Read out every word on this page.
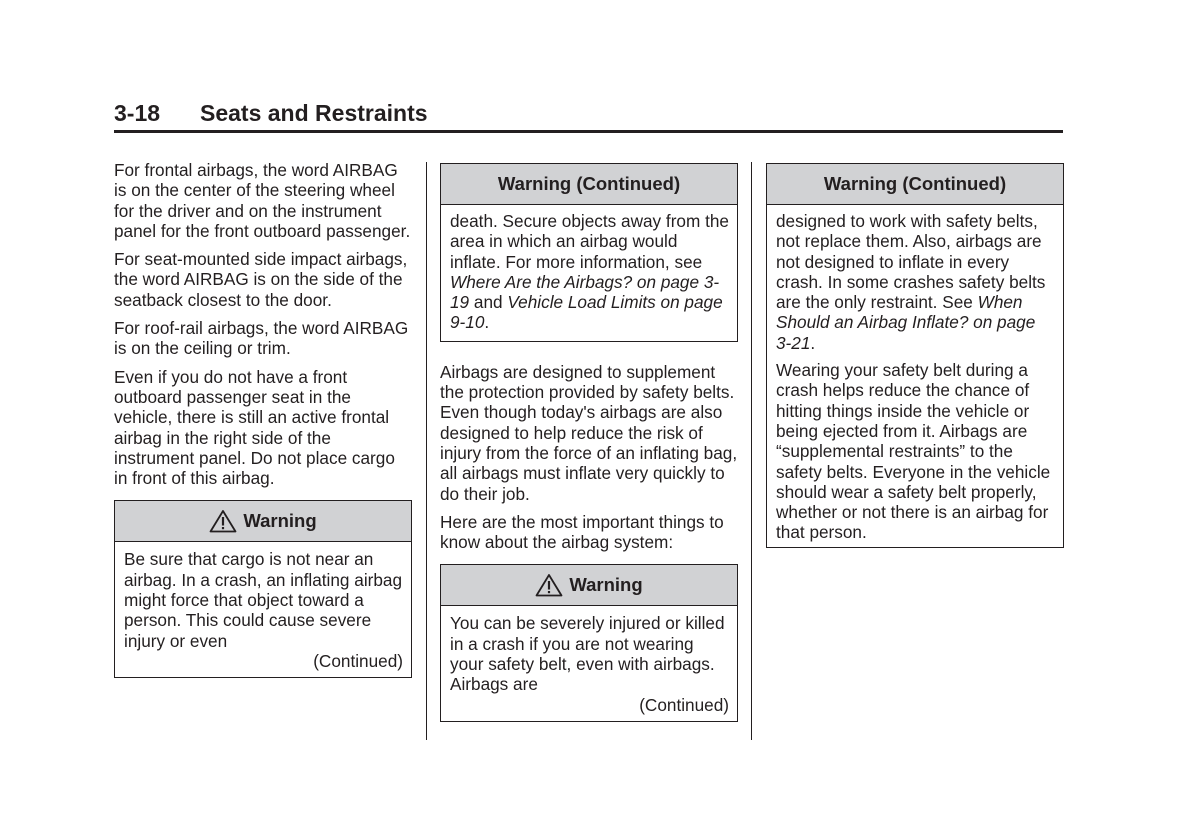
3-18 Seats and Restraints

For frontal airbags, the word AIRBAG is on the center of the steering wheel for the driver and on the instrument panel for the front outboard passenger.

For seat-mounted side impact airbags, the word AIRBAG is on the side of the seatback closest to the door.

For roof-rail airbags, the word AIRBAG is on the ceiling or trim.

Even if you do not have a front outboard passenger seat in the vehicle, there is still an active frontal airbag in the right side of the instrument panel. Do not place cargo in front of this airbag.

Warning

Be sure that cargo is not near an airbag. In a crash, an inflating airbag might force that object toward a person. This could cause severe injury or even

(Continued)

Warning (Continued)

death. Secure objects away from the area in which an airbag would inflate. For more information, see Where Are the Airbags? on page 3-19 and Vehicle Load Limits on page 9-10.

Airbags are designed to supplement the protection provided by safety belts. Even though today's airbags are also designed to help reduce the risk of injury from the force of an inflating bag, all airbags must inflate very quickly to do their job.

Here are the most important things to know about the airbag system:

Warning

You can be severely injured or killed in a crash if you are not wearing your safety belt, even with airbags. Airbags are

(Continued)

Warning (Continued)

designed to work with safety belts, not replace them. Also, airbags are not designed to inflate in every crash. In some crashes safety belts are the only restraint. See When Should an Airbag Inflate? on page 3-21.

Wearing your safety belt during a crash helps reduce the chance of hitting things inside the vehicle or being ejected from it. Airbags are “supplemental restraints” to the safety belts. Everyone in the vehicle should wear a safety belt properly, whether or not there is an airbag for that person.
